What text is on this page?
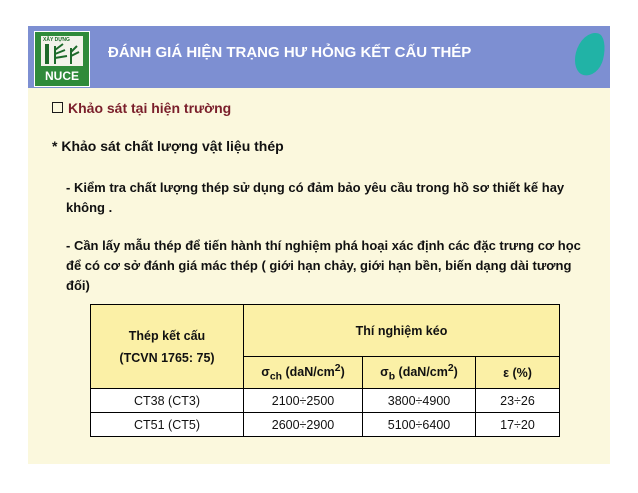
XÂY DỰNG
NUCE
ĐÁNH GIÁ HIỆN TRẠNG HƯ HỎNG KẾT CẤU THÉP
Khảo sát tại hiện trường
* Khảo sát chất lượng vật liệu thép
- Kiểm tra chất lượng thép sử dụng có đảm bảo yêu cầu trong hồ sơ thiết kế hay không .
- Cần lấy mẫu thép để tiến hành thí nghiệm phá hoại xác định các đặc trưng cơ học để có cơ sở đánh giá mác thép ( giới hạn chảy, giới hạn bền, biến dạng dài tương đối)
Thép kết cấu
(TCVN 1765: 75)	Thí nghiệm kéo		
	$\sigma_{ch}$ $(daN/cm^2)$	$\sigma_b$ $(daN/cm^2)$	ε (%)
CT38 (CT3)	2100÷2500	3800÷4900	23÷26
CT51 (CT5)	2600÷2900	5100÷6400	17÷20
